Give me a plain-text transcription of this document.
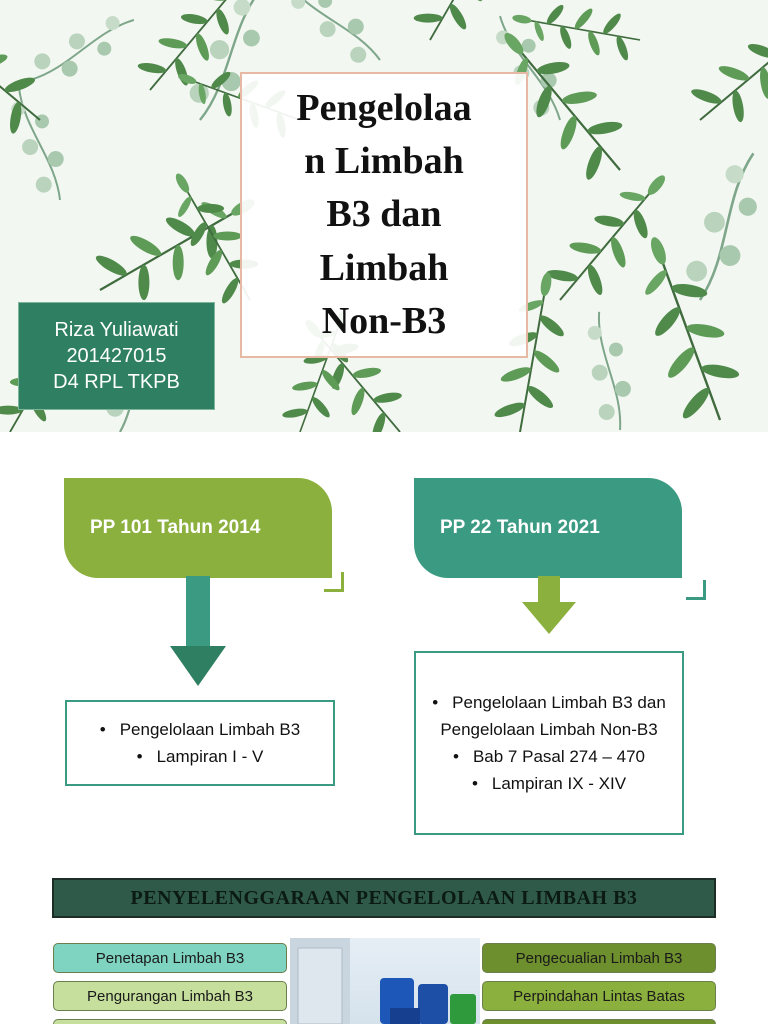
Pengelolaa
n Limbah
B3 dan
Limbah
Non-B3
Riza Yuliawati
201427015
D4 RPL TKPB
PP 101 Tahun 2014
• Pengelolaan Limbah B3
• Lampiran I - V
PP 22 Tahun 2021
• Pengelolaan Limbah B3 dan Pengelolaan Limbah Non-B3
• Bab 7 Pasal 274 – 470
• Lampiran IX - XIV
PENYELENGGARAAN PENGELOLAAN LIMBAH B3
Penetapan Limbah B3
Pengurangan Limbah B3
Pengecualian Limbah B3
Perpindahan Lintas Batas
